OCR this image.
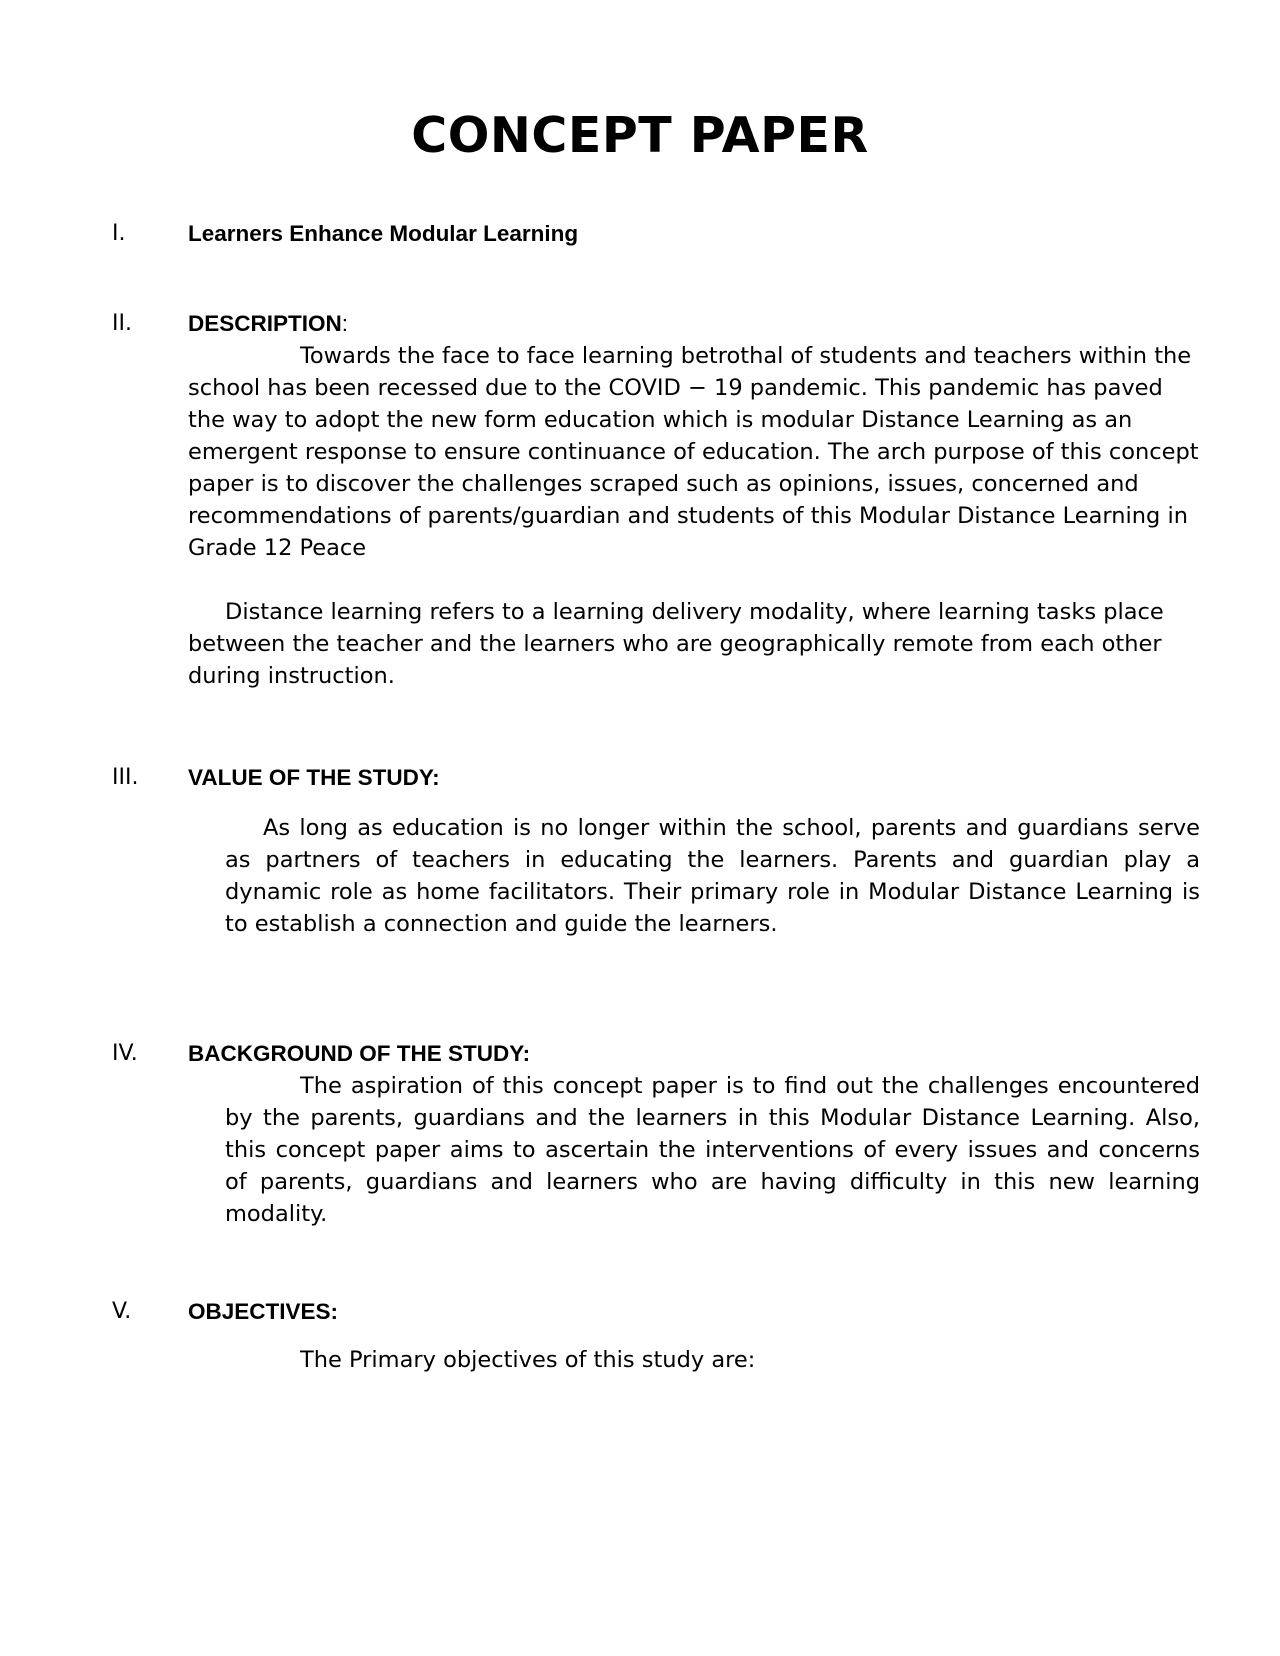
CONCEPT PAPER
I.	Learners Enhance Modular Learning
II. DESCRIPTION:

Towards the face to face learning betrothal of students and teachers within the school has been recessed due to the COVID − 19 pandemic. This pandemic has paved the way to adopt the new form education which is modular Distance Learning as an emergent response to ensure continuance of education. The arch purpose of this concept paper is to discover the challenges scraped such as opinions, issues, concerned and recommendations of parents/guardian and students of this Modular Distance Learning in Grade 12 Peace

Distance learning refers to a learning delivery modality, where learning tasks place between the teacher and the learners who are geographically remote from each other during instruction.

III. VALUE OF THE STUDY:

As long as education is no longer within the school, parents and guardians serve as partners of teachers in educating the learners. Parents and guardian play a dynamic role as home facilitators. Their primary role in Modular Distance Learning is to establish a connection and guide the learners.

IV. BACKGROUND OF THE STUDY:

The aspiration of this concept paper is to find out the challenges encountered by the parents, guardians and the learners in this Modular Distance Learning. Also, this concept paper aims to ascertain the interventions of every issues and concerns of parents, guardians and learners who are having difficulty in this new learning modality.

V.	OBJECTIVES:

The Primary objectives of this study are:
